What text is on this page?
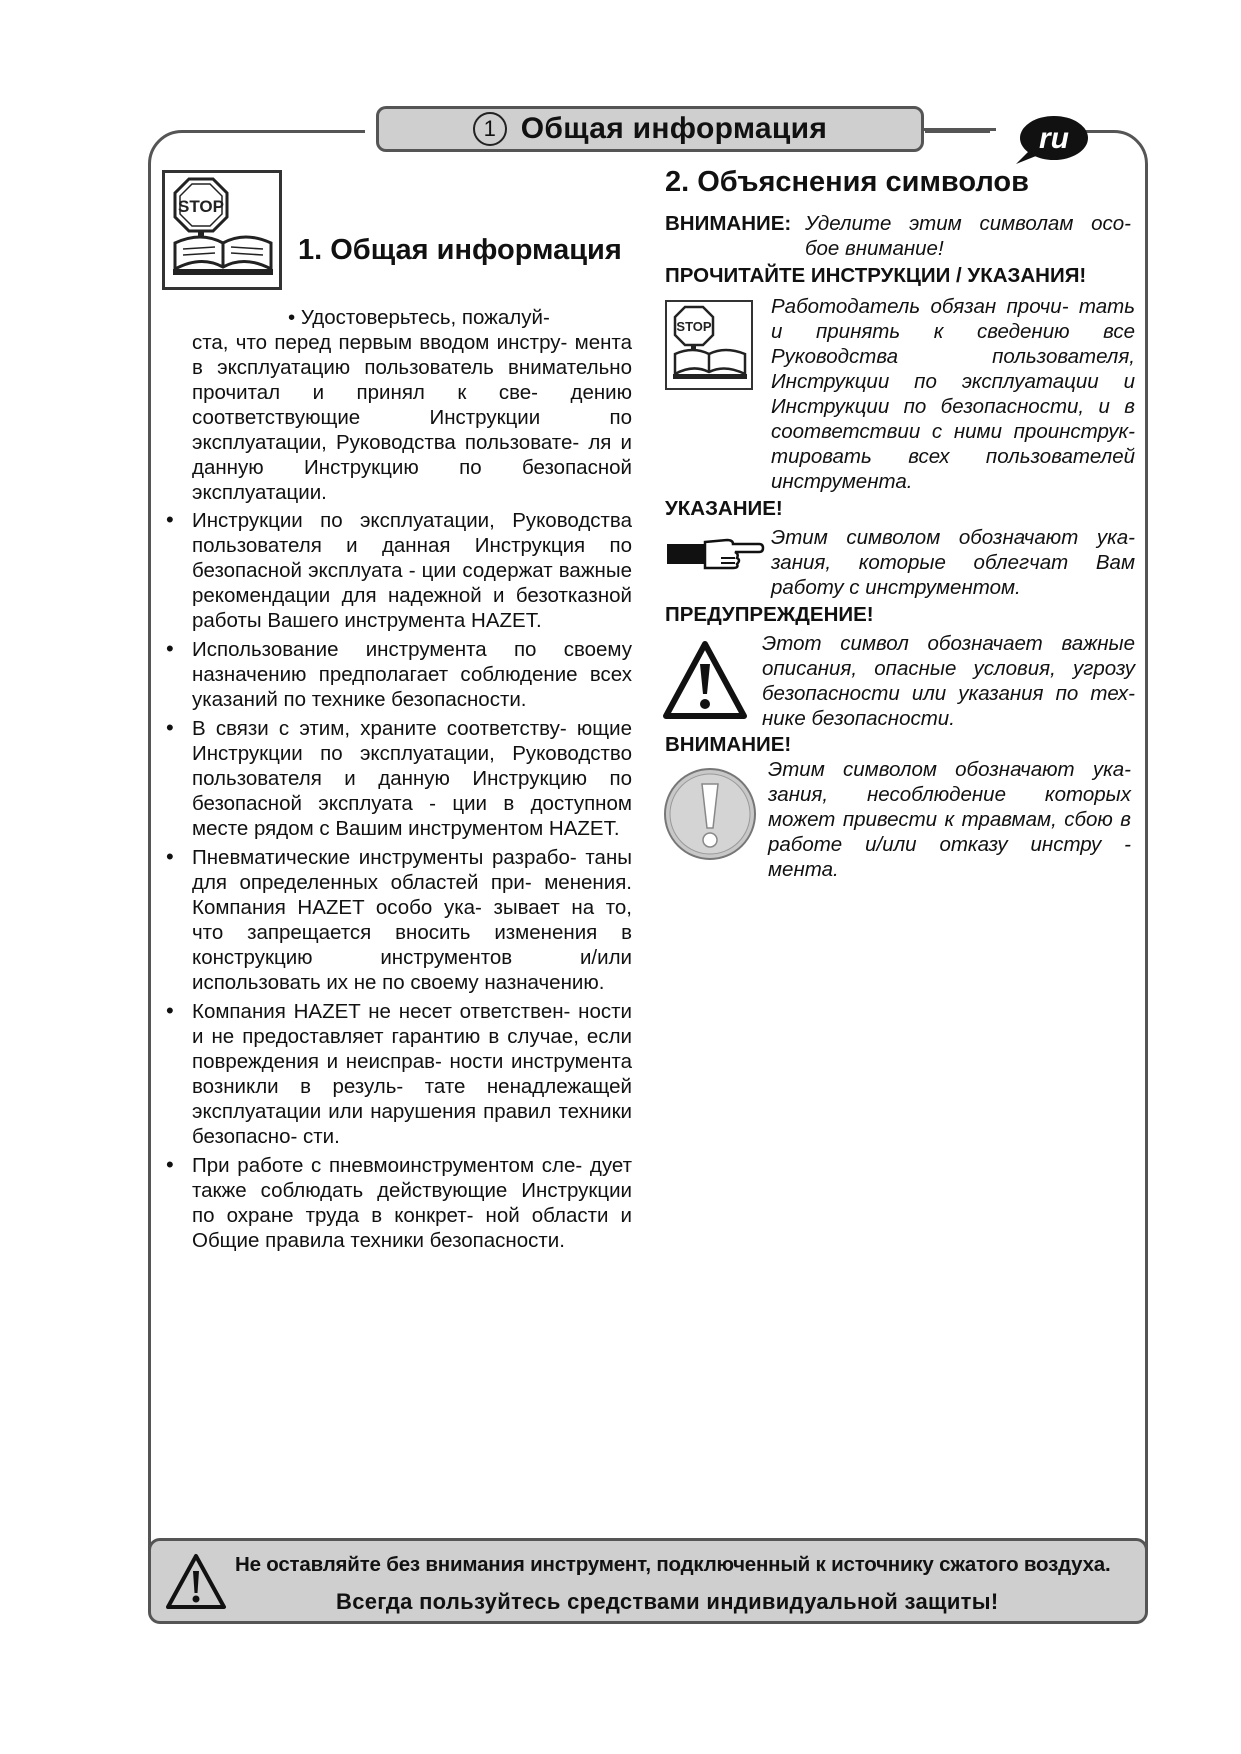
1 Общая информация	ru
STOP
1. Общая информация
• Удостоверьтесь, пожалуй-
ста, что перед первым вводом инстру- мента в эксплуатацию пользователь внимательно прочитал и принял к све- дению соответствующие Инструкции по эксплуатации, Руководства пользовате- ля и данную Инструкцию по безопасной эксплуатации.
• Инструкции по эксплуатации, Руководства пользователя и данная Инструкция по безопасной эксплуата - ции содержат важные рекомендации для надежной и безотказной работы Вашего инструмента HAZET.
• Использование инструмента по своему назначению предполагает соблюдение всех указаний по технике безопасности.
• В связи с этим, храните соответству- ющие Инструкции по эксплуатации, Руководство пользователя и данную Инструкцию по безопасной эксплуата - ции в доступном месте рядом с Вашим инструментом HAZET.
• Пневматические инструменты разрабо- таны для определенных областей при- менения. Компания HAZET особо ука- зывает на то, что запрещается вносить изменения в конструкцию инструментов и/или использовать их не по своему назначению.
• Компания HAZET не несет ответствен- ности и не предоставляет гарантию в случае, если повреждения и неисправ- ности инструмента возникли в резуль- тате ненадлежащей эксплуатации или нарушения правил техники безопасно- сти.
• При работе с пневмоинструментом сле- дует также соблюдать действующие Инструкции по охране труда в конкрет- ной области и Общие правила техники безопасности.
2. Объяснения символов
ВНИМАНИЕ: Уделите этим символам осо- бое внимание!
ПРОЧИТАЙТЕ ИНСТРУКЦИИ / УКАЗАНИЯ!
STOP
Работодатель обязан прочи- тать и принять к сведению все Руководства пользователя, Инструкции по эксплуатации и Инструкции по безопасности, и в соответствии с ними проинструк- тировать всех пользователей инструмента.
УКАЗАНИЕ!
Этим символом обозначают ука- зания, которые облегчат Вам работу с инструментом.
ПРЕДУПРЕЖДЕНИЕ!
Этот символ обозначает важные описания, опасные условия, угрозу безопасности или указания по тех- нике безопасности.
ВНИМАНИЕ!
Этим символом обозначают ука- зания, несоблюдение которых может привести к травмам, сбою в работе и/или отказу инстру - мента.
Не оставляйте без внимания инструмент, подключенный к источнику сжатого воздуха.
Всегда пользуйтесь средствами индивидуальной защиты!
